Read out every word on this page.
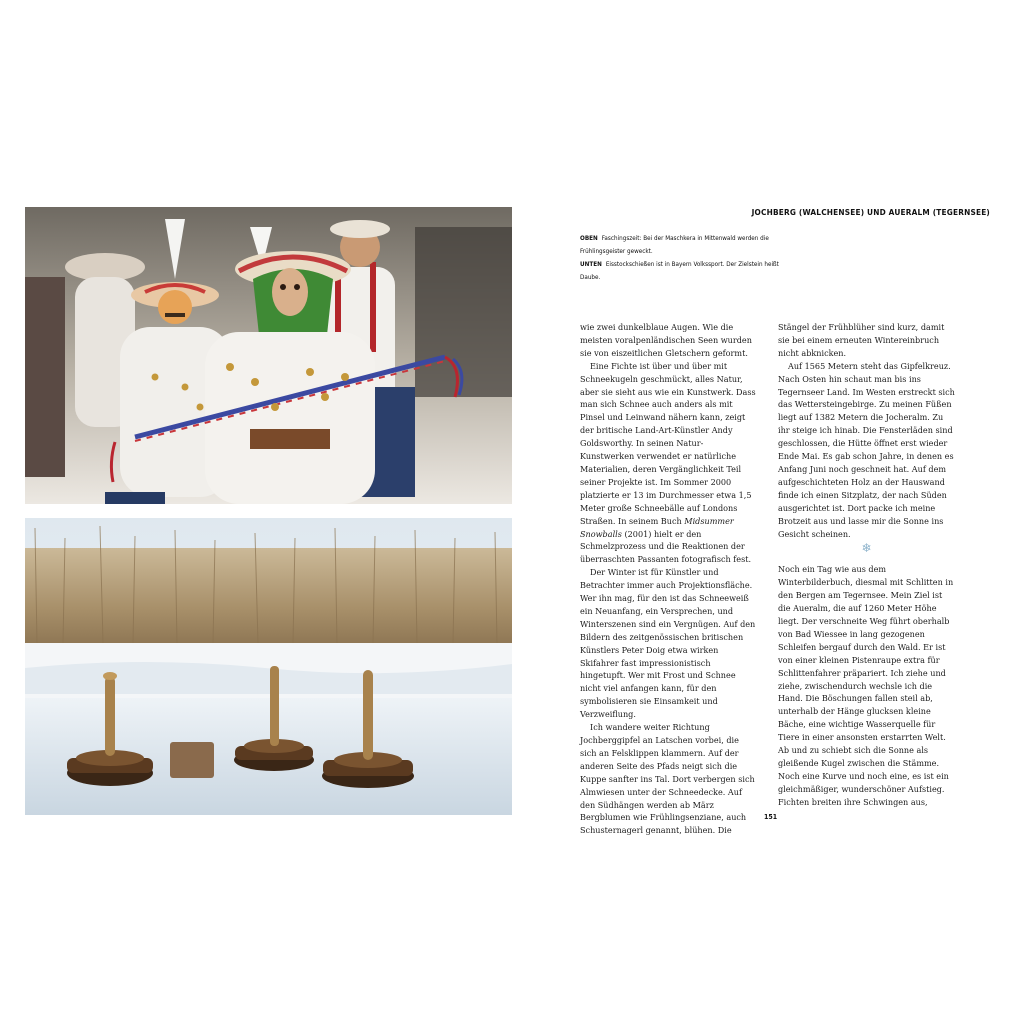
JOCHBERG (WALCHENSEE) UND AUERALM (TEGERNSEE)
OBEN Faschingszeit: Bei der Maschkera in Mittenwald werden die Frühlingsgeister geweckt.
UNTEN Eisstockschießen ist in Bayern Volkssport. Der Zielstein heißt Daube.

wie zwei dunkelblaue Augen. Wie die meisten voralpenländischen Seen wurden sie von eiszeitlichen Gletschern geformt.

Eine Fichte ist über und über mit Schneekugeln geschmückt, alles Natur, aber sie sieht aus wie ein Kunstwerk. Dass man sich Schnee auch anders als mit Pinsel und Leinwand nähern kann, zeigt der britische Land-Art-Künstler Andy Goldsworthy. In seinen Natur-Kunstwerken verwendet er natürliche Materialien, deren Vergänglichkeit Teil seiner Projekte ist. Im Sommer 2000 platzierte er 13 im Durchmesser etwa 1,5 Meter große Schneebälle auf Londons Straßen. In seinem Buch Midsummer Snowballs (2001) hielt er den Schmelzprozess und die Reaktionen der überraschten Passanten fotografisch fest.

Der Winter ist für Künstler und Betrachter immer auch Projektionsfläche. Wer ihn mag, für den ist das Schneeweiß ein Neuanfang, ein Versprechen, und Winterszenen sind ein Vergnügen. Auf den Bildern des zeitgenössischen britischen Künstlers Peter Doig etwa wirken Skifahrer fast impressionistisch hingetupft. Wer mit Frost und Schnee nicht viel anfangen kann, für den symbolisieren sie Einsamkeit und Verzweiflung.

Ich wandere weiter Richtung Jochberggipfel an Latschen vorbei, die sich an Felsklippen klammern. Auf der anderen Seite des Pfads neigt sich die Kuppe sanfter ins Tal. Dort verbergen sich Almwiesen unter der Schneedecke. Auf den Südhängen werden ab März Bergblumen wie Frühlingsenziane, auch Schusternagerl genannt, blühen. Die

Stängel der Frühblüher sind kurz, damit sie bei einem erneuten Wintereinbruch nicht abknicken.

Auf 1565 Metern steht das Gipfelkreuz. Nach Osten hin schaut man bis ins Tegernseer Land. Im Westen erstreckt sich das Wettersteingebirge. Zu meinen Füßen liegt auf 1382 Metern die Jocheralm. Zu ihr steige ich hinab. Die Fensterläden sind geschlossen, die Hütte öffnet erst wieder Ende Mai. Es gab schon Jahre, in denen es Anfang Juni noch geschneit hat. Auf dem aufgeschichteten Holz an der Hauswand finde ich einen Sitzplatz, der nach Süden ausgerichtet ist. Dort packe ich meine Brotzeit aus und lasse mir die Sonne ins Gesicht scheinen.

❄

Noch ein Tag wie aus dem Winterbilderbuch, diesmal mit Schlitten in den Bergen am Tegernsee. Mein Ziel ist die Aueralm, die auf 1260 Meter Höhe liegt. Der verschneite Weg führt oberhalb von Bad Wiessee in lang gezogenen Schleifen bergauf durch den Wald. Er ist von einer kleinen Pistenraupe extra für Schlittenfahrer präpariert. Ich ziehe und ziehe, zwischendurch wechsle ich die Hand. Die Böschungen fallen steil ab, unterhalb der Hänge glucksen kleine Bäche, eine wichtige Wasserquelle für Tiere in einer ansonsten erstarrten Welt. Ab und zu schiebt sich die Sonne als gleißende Kugel zwischen die Stämme. Noch eine Kurve und noch eine, es ist ein gleichmäßiger, wunderschöner Aufstieg. Fichten breiten ihre Schwingen aus,

151
